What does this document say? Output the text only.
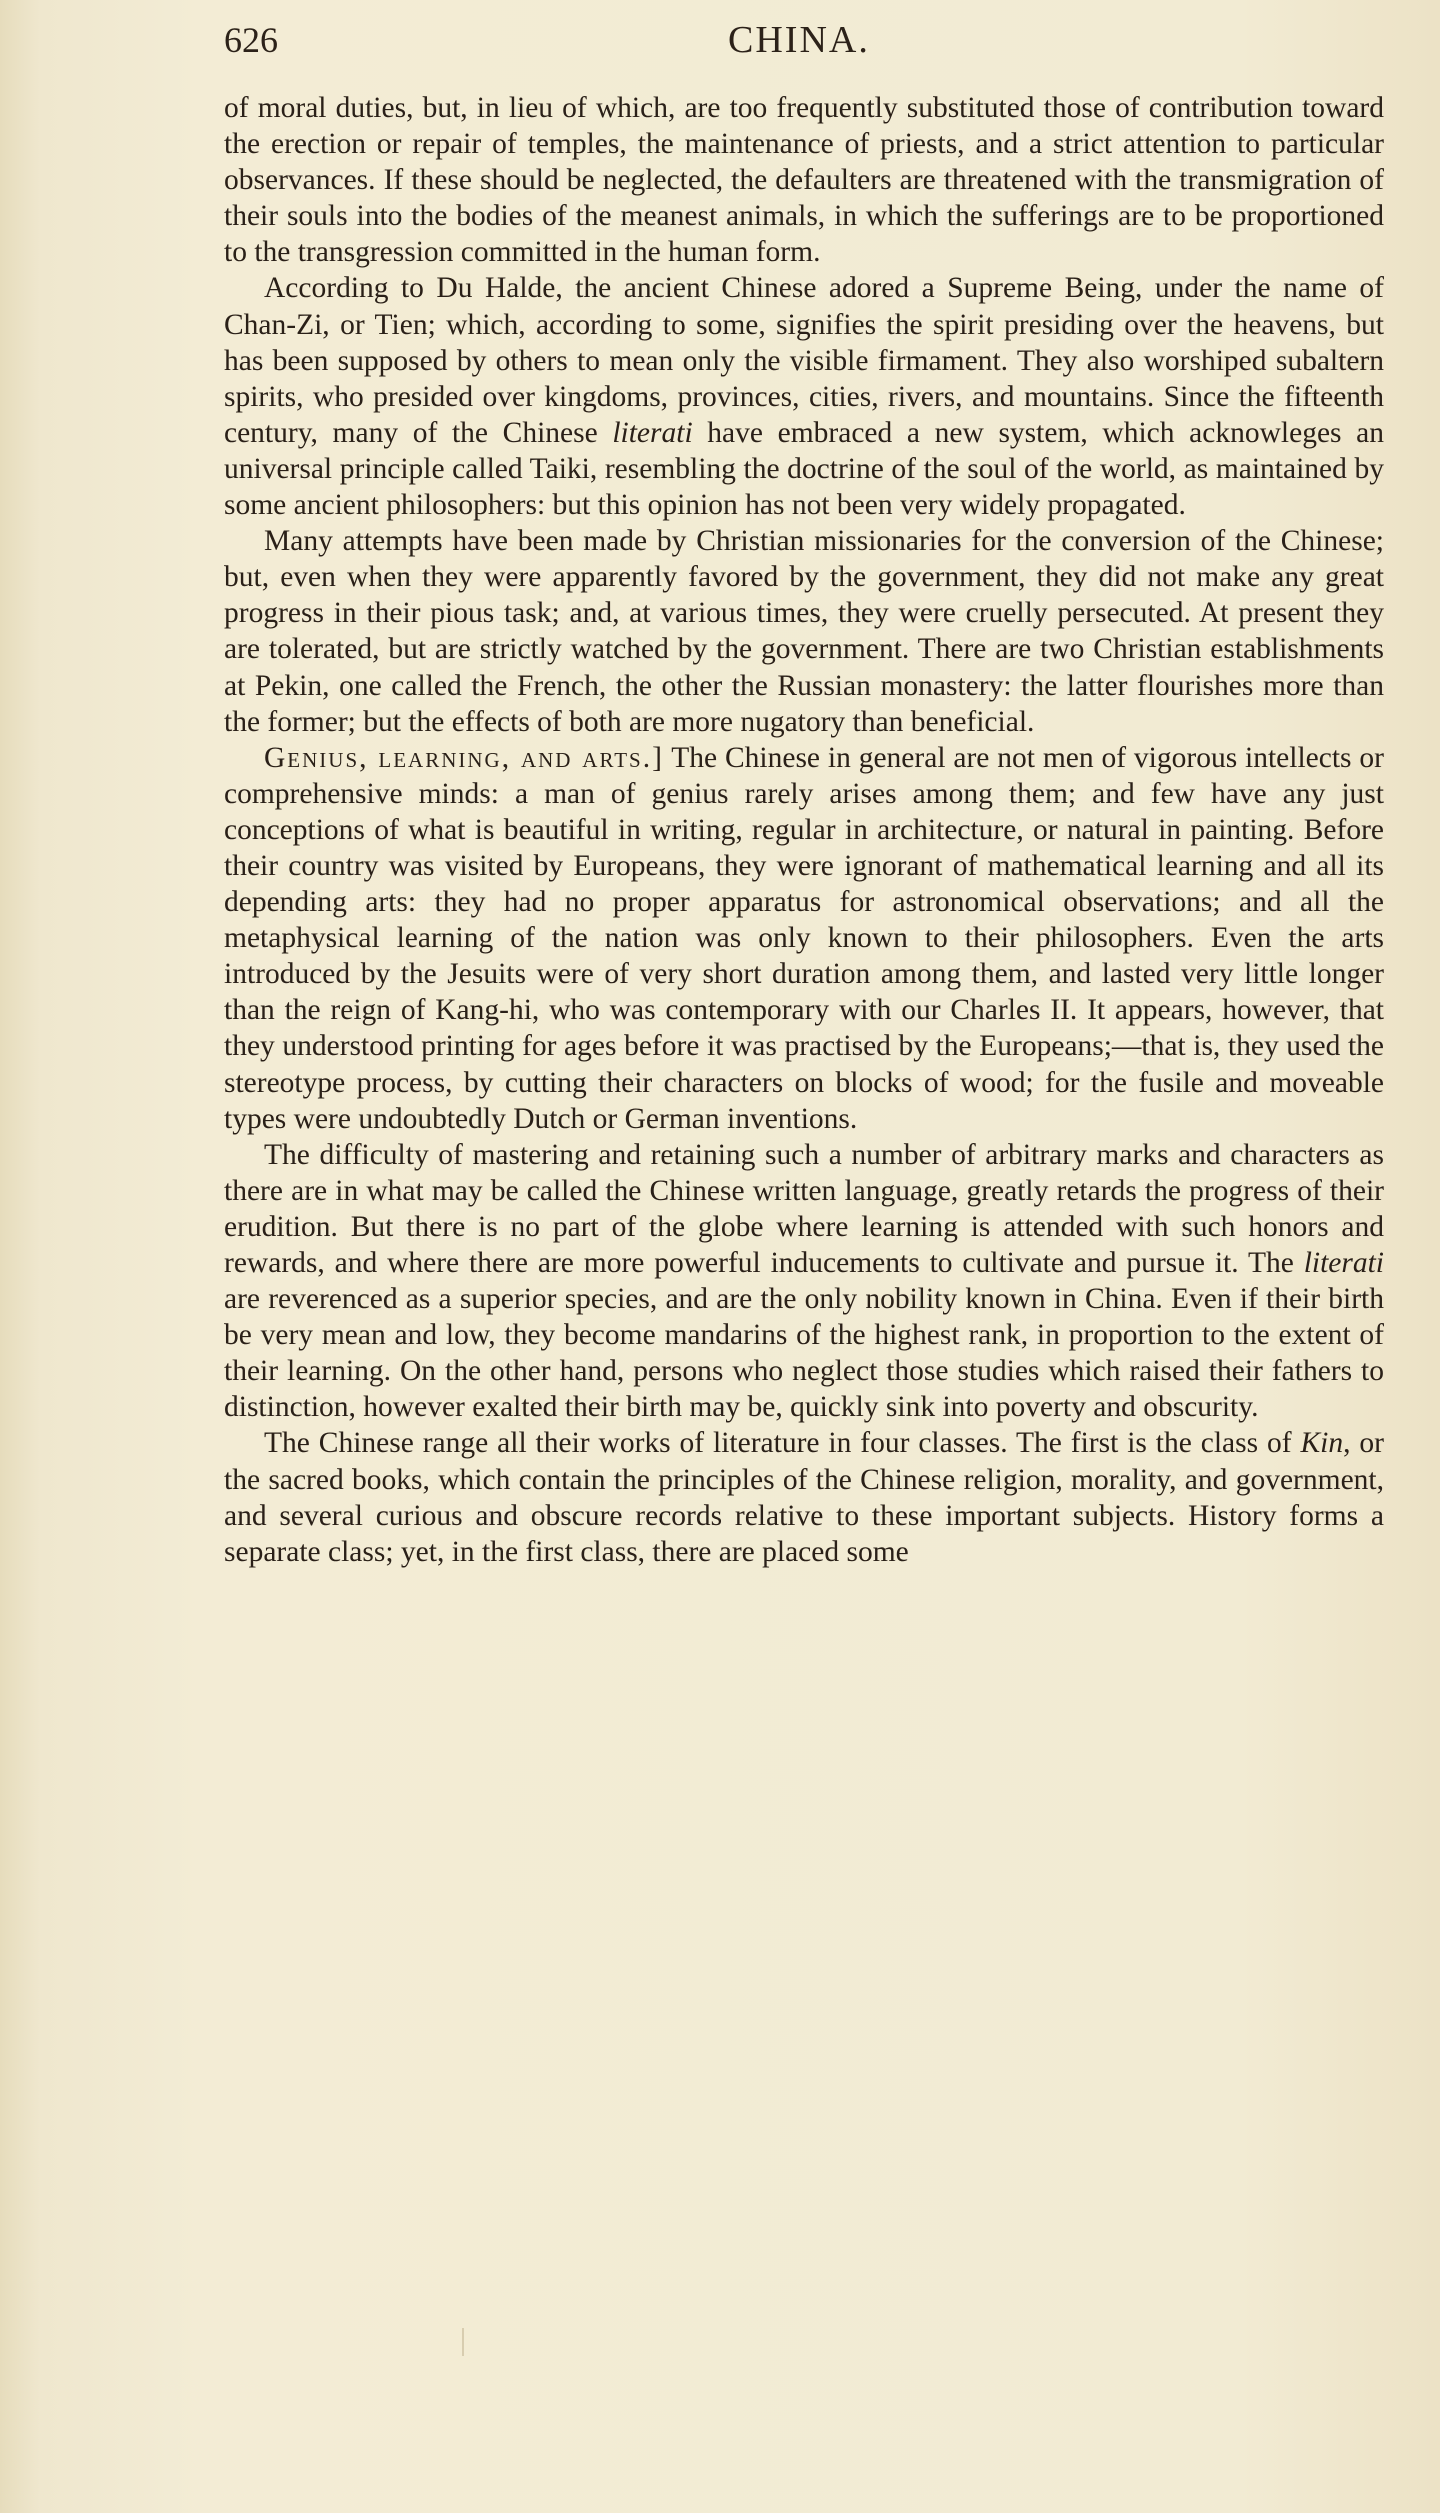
626	CHINA.

of moral duties, but, in lieu of which, are too frequently substituted those of contribution toward the erection or repair of temples, the maintenance of priests, and a strict attention to particular observances. If these should be neglected, the defaulters are threatened with the transmigration of their souls into the bodies of the meanest animals, in which the sufferings are to be proportioned to the transgression committed in the human form.

According to Du Halde, the ancient Chinese adored a Supreme Being, under the name of Chan-Zi, or Tien; which, according to some, signifies the spirit presiding over the heavens, but has been supposed by others to mean only the visible firmament. They also worshiped subaltern spirits, who presided over kingdoms, provinces, cities, rivers, and mountains. Since the fifteenth century, many of the Chinese literati have embraced a new system, which acknowleges an universal principle called Taiki, resembling the doctrine of the soul of the world, as maintained by some ancient philosophers: but this opinion has not been very widely propagated.

Many attempts have been made by Christian missionaries for the conversion of the Chinese; but, even when they were apparently favored by the government, they did not make any great progress in their pious task; and, at various times, they were cruelly persecuted. At present they are tolerated, but are strictly watched by the government. There are two Christian establishments at Pekin, one called the French, the other the Russian monastery: the latter flourishes more than the former; but the effects of both are more nugatory than beneficial.

Genius, learning, and arts.] The Chinese in general are not men of vigorous intellects or comprehensive minds: a man of genius rarely arises among them; and few have any just conceptions of what is beautiful in writing, regular in architecture, or natural in painting. Before their country was visited by Europeans, they were ignorant of mathematical learning and all its depending arts: they had no proper apparatus for astronomical observations; and all the metaphysical learning of the nation was only known to their philosophers. Even the arts introduced by the Jesuits were of very short duration among them, and lasted very little longer than the reign of Kang-hi, who was contemporary with our Charles II. It appears, however, that they understood printing for ages before it was practised by the Europeans;—that is, they used the stereotype process, by cutting their characters on blocks of wood; for the fusile and moveable types were undoubtedly Dutch or German inventions.

The difficulty of mastering and retaining such a number of arbitrary marks and characters as there are in what may be called the Chinese written language, greatly retards the progress of their erudition. But there is no part of the globe where learning is attended with such honors and rewards, and where there are more powerful inducements to cultivate and pursue it. The literati are reverenced as a superior species, and are the only nobility known in China. Even if their birth be very mean and low, they become mandarins of the highest rank, in proportion to the extent of their learning. On the other hand, persons who neglect those studies which raised their fathers to distinction, however exalted their birth may be, quickly sink into poverty and obscurity.

The Chinese range all their works of literature in four classes. The first is the class of Kin, or the sacred books, which contain the principles of the Chinese religion, morality, and government, and several curious and obscure records relative to these important subjects. History forms a separate class; yet, in the first class, there are placed some
